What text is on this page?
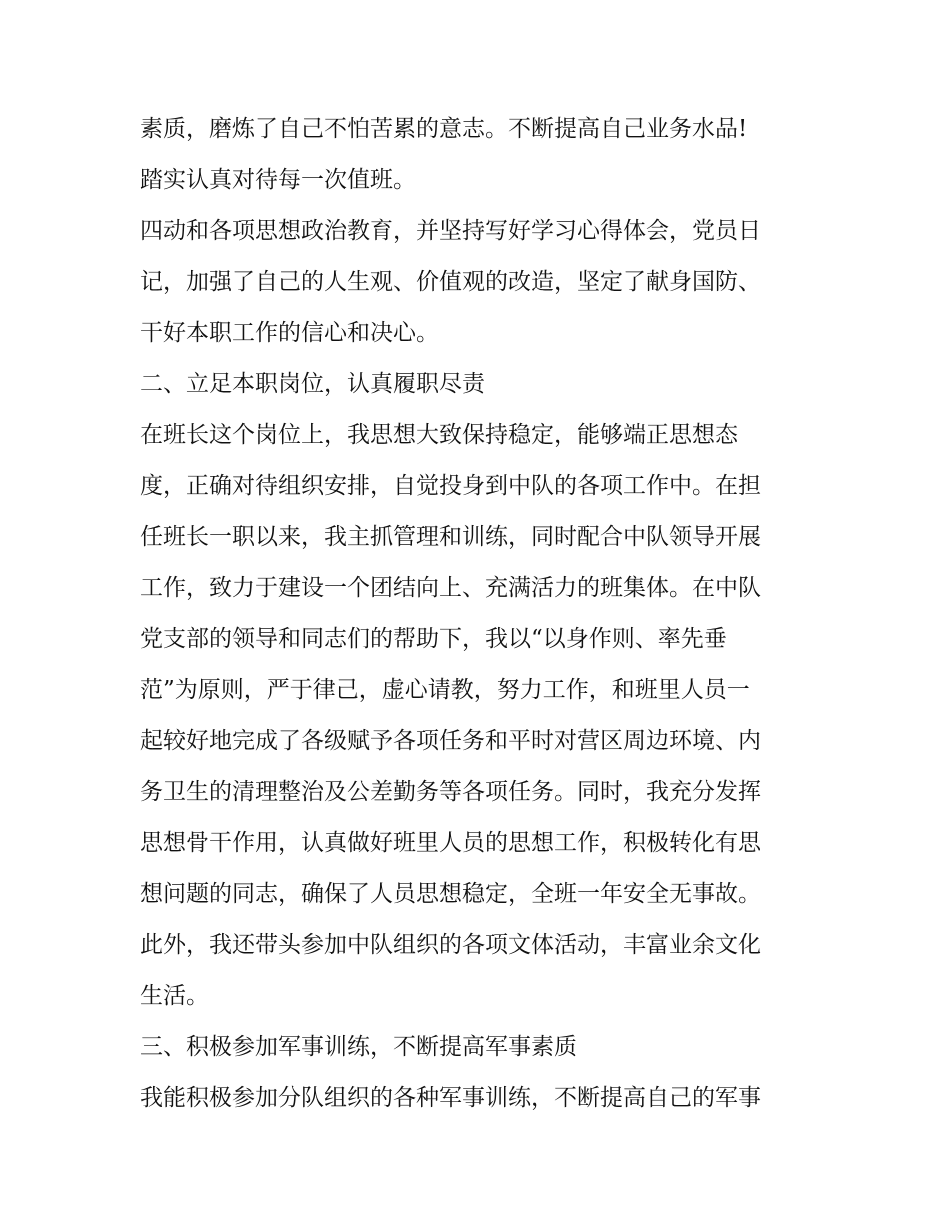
素质，磨炼了自己不怕苦累的意志。不断提高自己业务水品!

踏实认真对待每一次值班。

四动和各项思想政治教育，并坚持写好学习心得体会，党员日

记，加强了自己的人生观、价值观的改造，坚定了献身国防、

干好本职工作的信心和决心。

二、立足本职岗位，认真履职尽责

在班长这个岗位上，我思想大致保持稳定，能够端正思想态

度，正确对待组织安排，自觉投身到中队的各项工作中。在担

任班长一职以来，我主抓管理和训练，同时配合中队领导开展

工作，致力于建设一个团结向上、充满活力的班集体。在中队

党支部的领导和同志们的帮助下，我以“以身作则、率先垂

范”为原则，严于律己，虚心请教，努力工作，和班里人员一

起较好地完成了各级赋予各项任务和平时对营区周边环境、内

务卫生的清理整治及公差勤务等各项任务。同时，我充分发挥

思想骨干作用，认真做好班里人员的思想工作，积极转化有思

想问题的同志，确保了人员思想稳定，全班一年安全无事故。

此外，我还带头参加中队组织的各项文体活动，丰富业余文化

生活。

三、积极参加军事训练，不断提高军事素质

我能积极参加分队组织的各种军事训练，不断提高自己的军事
